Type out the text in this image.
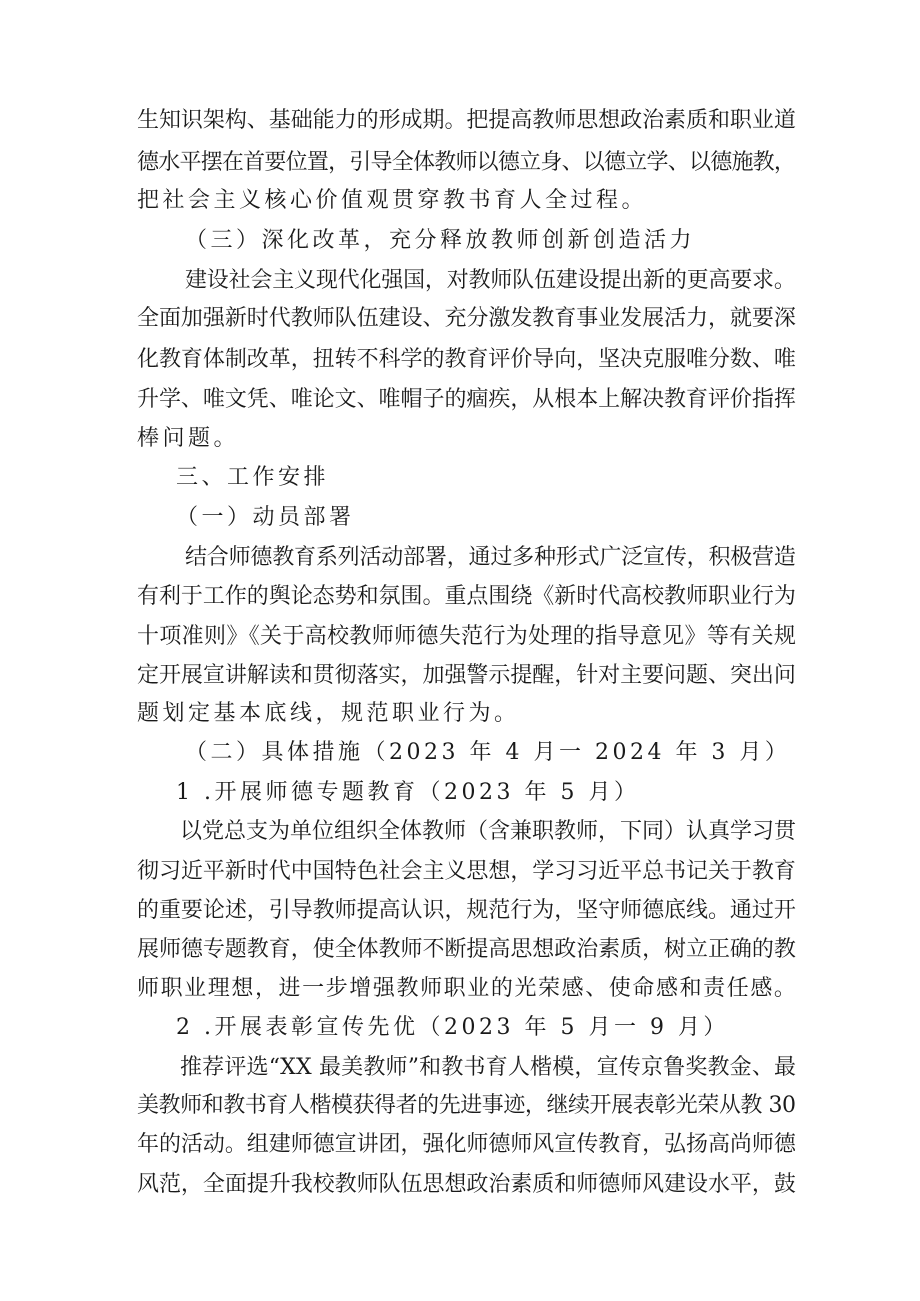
生知识架构、基础能力的形成期。把提高教师思想政治素质和职业道
德水平摆在首要位置，引导全体教师以德立身、以德立学、以德施教，
把社会主义核心价值观贯穿教书育人全过程。
（三）深化改革，充分释放教师创新创造活力
建设社会主义现代化强国，对教师队伍建设提出新的更高要求。
全面加强新时代教师队伍建设、充分激发教育事业发展活力，就要深
化教育体制改革，扭转不科学的教育评价导向，坚决克服唯分数、唯
升学、唯文凭、唯论文、唯帽子的痼疾，从根本上解决教育评价指挥
棒问题。
三、工作安排
（一）动员部署
结合师德教育系列活动部署，通过多种形式广泛宣传，积极营造
有利于工作的舆论态势和氛围。重点围绕《新时代高校教师职业行为
十项准则》《关于高校教师师德失范行为处理的指导意见》等有关规
定开展宣讲解读和贯彻落实，加强警示提醒，针对主要问题、突出问
题划定基本底线，规范职业行为。
（二）具体措施（2023 年 4 月一 2024 年 3 月）
1 .开展师德专题教育（2023 年 5 月）
以党总支为单位组织全体教师（含兼职教师，下同）认真学习贯
彻习近平新时代中国特色社会主义思想，学习习近平总书记关于教育
的重要论述，引导教师提高认识，规范行为，坚守师德底线。通过开
展师德专题教育，使全体教师不断提高思想政治素质，树立正确的教
师职业理想，进一步增强教师职业的光荣感、使命感和责任感。
2 .开展表彰宣传先优（2023 年 5 月一 9 月）
推荐评选“XX 最美教师”和教书育人楷模，宣传京鲁奖教金、最
美教师和教书育人楷模获得者的先进事迹，继续开展表彰光荣从教 30
年的活动。组建师德宣讲团，强化师德师风宣传教育，弘扬高尚师德
风范，全面提升我校教师队伍思想政治素质和师德师风建设水平，鼓
